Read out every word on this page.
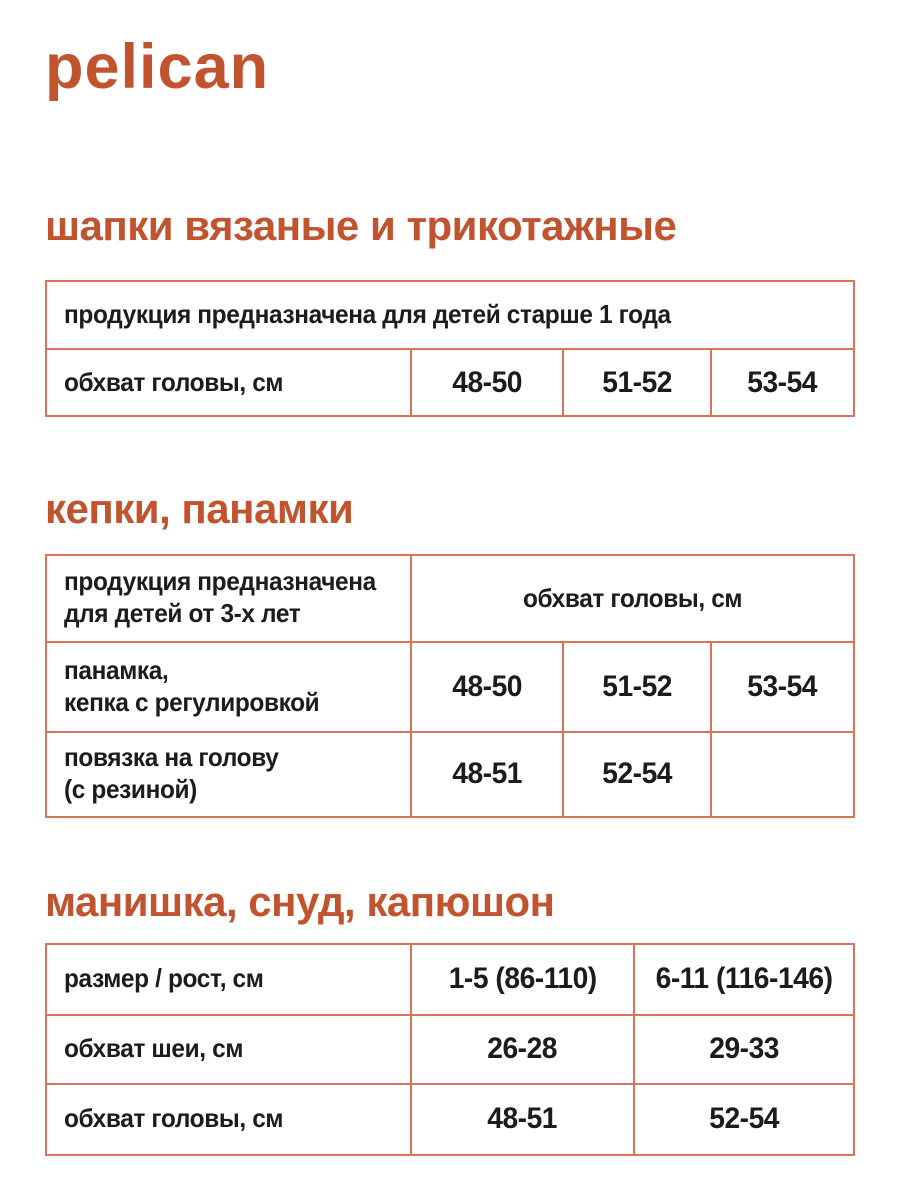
pelican
шапки вязаные и трикотажные
продукция предназначена для детей старше 1 года
обхват головы, см	48-50	51-52	53-54
кепки, панамки
продукция предназначена
для детей от 3-х лет	обхват головы, см		
панамка,
кепка с регулировкой	48-50	51-52	53-54
повязка на голову
(с резиной)	48-51	52-54	
манишка, снуд, капюшон
размер / рост, см	1-5 (86-110)	6-11 (116-146)
обхват шеи, см	26-28	29-33
обхват головы, см	48-51	52-54
